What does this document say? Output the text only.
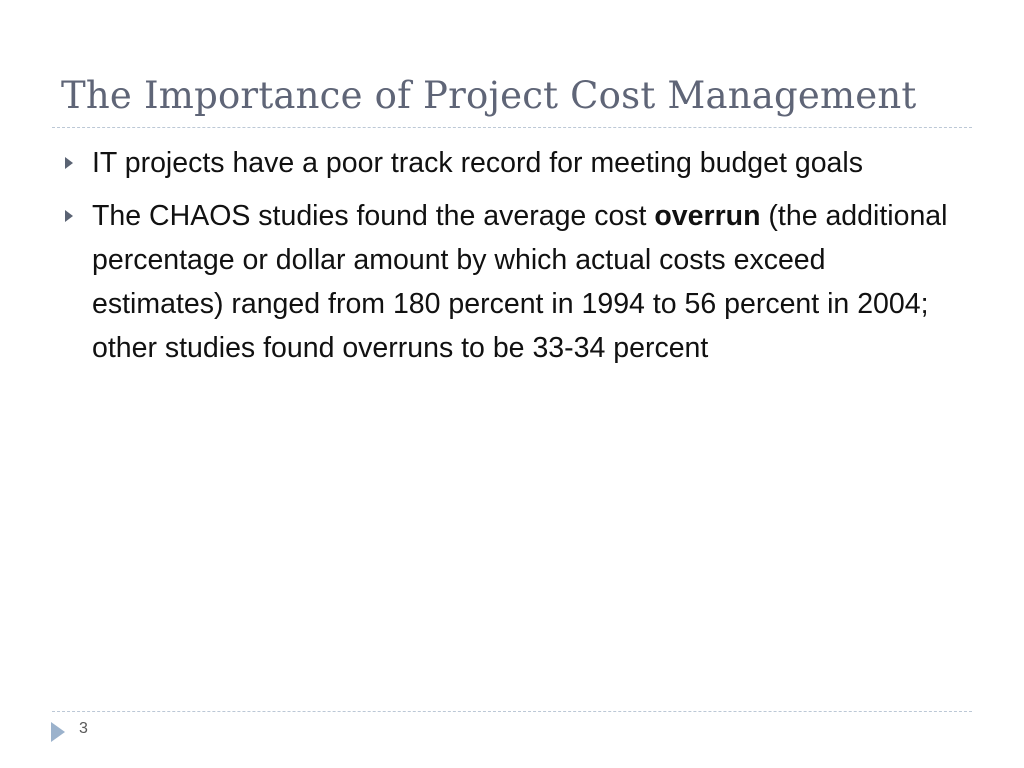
The Importance of Project Cost Management
IT projects have a poor track record for meeting budget goals
The CHAOS studies found the average cost overrun (the additional percentage or dollar amount by which actual costs exceed estimates) ranged from 180 percent in 1994 to 56 percent in 2004; other studies found overruns to be 33-34 percent
3
